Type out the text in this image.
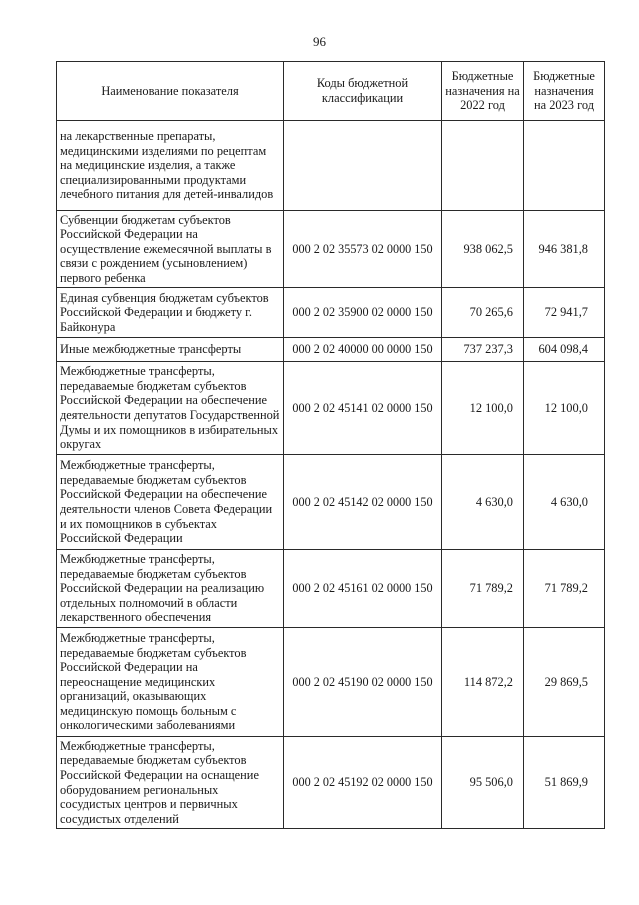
96
Наименование показателя	Коды бюджетной классификации	Бюджетные назначения на 2022 год	Бюджетные назначения на 2023 год
на лекарственные препараты, медицинскими изделиями по рецептам на медицинские изделия, а также специализированными продуктами лечебного питания для детей-инвалидов			
Субвенции бюджетам субъектов Российской Федерации на осуществление ежемесячной выплаты в связи с рождением (усыновлением) первого ребенка	000 2 02 35573 02 0000 150	938 062,5	946 381,8
Единая субвенция бюджетам субъектов Российской Федерации и бюджету г. Байконура	000 2 02 35900 02 0000 150	70 265,6	72 941,7
Иные межбюджетные трансферты	000 2 02 40000 00 0000 150	737 237,3	604 098,4
Межбюджетные трансферты, передаваемые бюджетам субъектов Российской Федерации на обеспечение деятельности депутатов Государственной Думы и их помощников в избирательных округах	000 2 02 45141 02 0000 150	12 100,0	12 100,0
Межбюджетные трансферты, передаваемые бюджетам субъектов Российской Федерации на обеспечение деятельности членов Совета Федерации и их помощников в субъектах Российской Федерации	000 2 02 45142 02 0000 150	4 630,0	4 630,0
Межбюджетные трансферты, передаваемые бюджетам субъектов Российской Федерации на реализацию отдельных полномочий в области лекарственного обеспечения	000 2 02 45161 02 0000 150	71 789,2	71 789,2
Межбюджетные трансферты, передаваемые бюджетам субъектов Российской Федерации на переоснащение медицинских организаций, оказывающих медицинскую помощь больным с онкологическими заболеваниями	000 2 02 45190 02 0000 150	114 872,2	29 869,5
Межбюджетные трансферты, передаваемые бюджетам субъектов Российской Федерации на оснащение оборудованием региональных сосудистых центров и первичных сосудистых отделений	000 2 02 45192 02 0000 150	95 506,0	51 869,9
